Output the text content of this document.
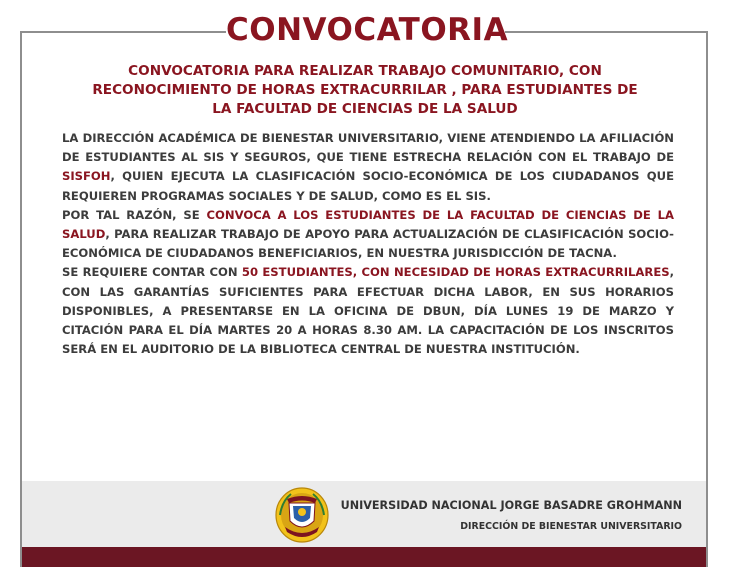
CONVOCATORIA
CONVOCATORIA PARA REALIZAR TRABAJO COMUNITARIO, CON
RECONOCIMIENTO DE HORAS EXTRACURRILAR , PARA ESTUDIANTES DE
LA FACULTAD DE CIENCIAS DE LA SALUD

LA DIRECCIÓN ACADÉMICA DE BIENESTAR UNIVERSITARIO, VIENE ATENDIENDO LA AFILIACIÓN DE ESTUDIANTES AL SIS Y SEGUROS, QUE TIENE ESTRECHA RELACIÓN CON EL TRABAJO DE SISFOH, QUIEN EJECUTA LA CLASIFICACIÓN SOCIO-ECONÓMICA DE LOS CIUDADANOS QUE REQUIEREN PROGRAMAS SOCIALES Y DE SALUD, COMO ES EL SIS.

POR TAL RAZÓN, SE CONVOCA A LOS ESTUDIANTES DE LA FACULTAD DE CIENCIAS DE LA SALUD, PARA REALIZAR TRABAJO DE APOYO PARA ACTUALIZACIÓN DE CLASIFICACIÓN SOCIO-ECONÓMICA DE CIUDADANOS BENEFICIARIOS, EN NUESTRA JURISDICCIÓN DE TACNA.

SE REQUIERE CONTAR CON 50 ESTUDIANTES, CON NECESIDAD DE HORAS EXTRACURRILARES, CON LAS GARANTÍAS SUFICIENTES PARA EFECTUAR DICHA LABOR, EN SUS HORARIOS DISPONIBLES, A PRESENTARSE EN LA OFICINA DE DBUN, DÍA LUNES 19 DE MARZO Y CITACIÓN PARA EL DÍA MARTES 20 A HORAS 8.30 AM. LA CAPACITACIÓN DE LOS INSCRITOS SERÁ EN EL AUDITORIO DE LA BIBLIOTECA CENTRAL DE NUESTRA INSTITUCIÓN.

UNIVERSIDAD NACIONAL JORGE BASADRE GROHMANN
DIRECCIÓN DE BIENESTAR UNIVERSITARIO
